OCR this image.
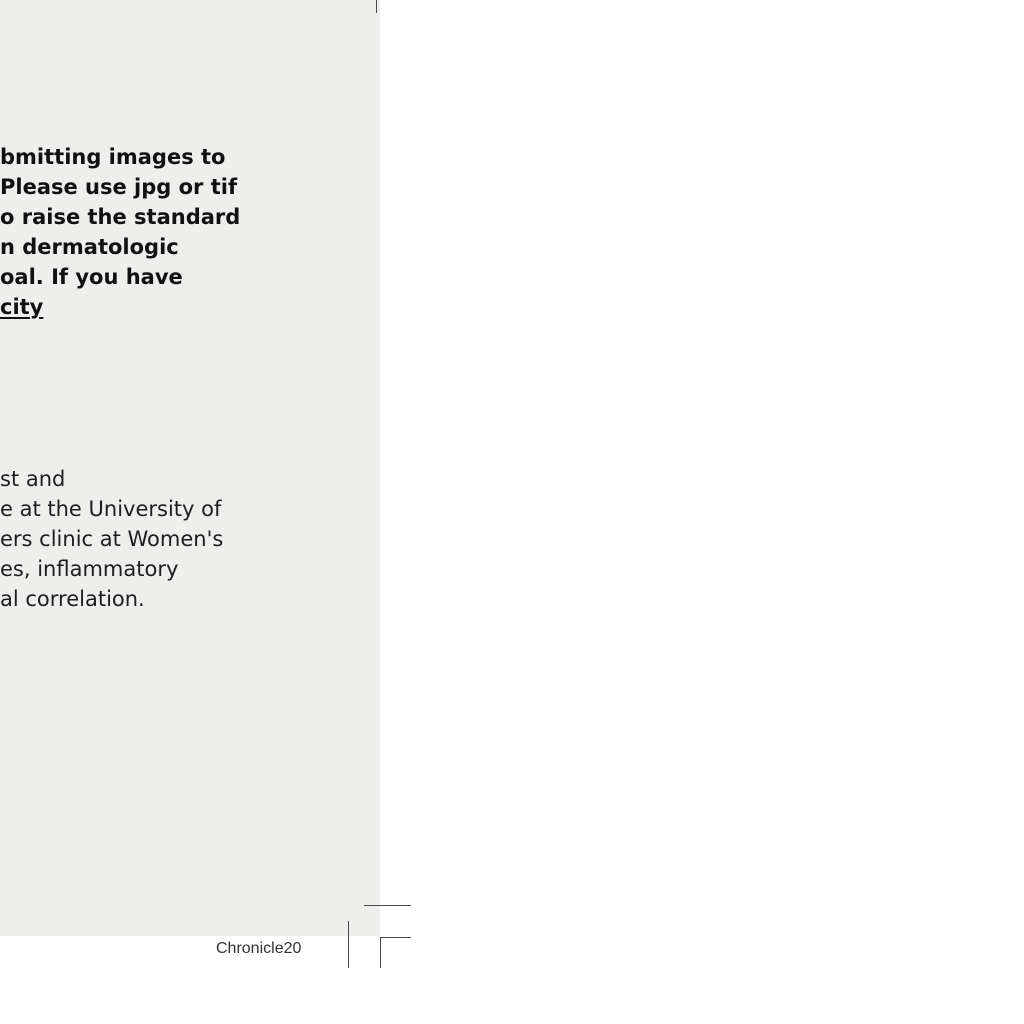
bmitting images to
Please use jpg or tif
o raise the standard
n dermatologic
oal. If you have
city

st and
e at the University of
ers clinic at Women's
es, inflammatory
al correlation.

Chronicle20
